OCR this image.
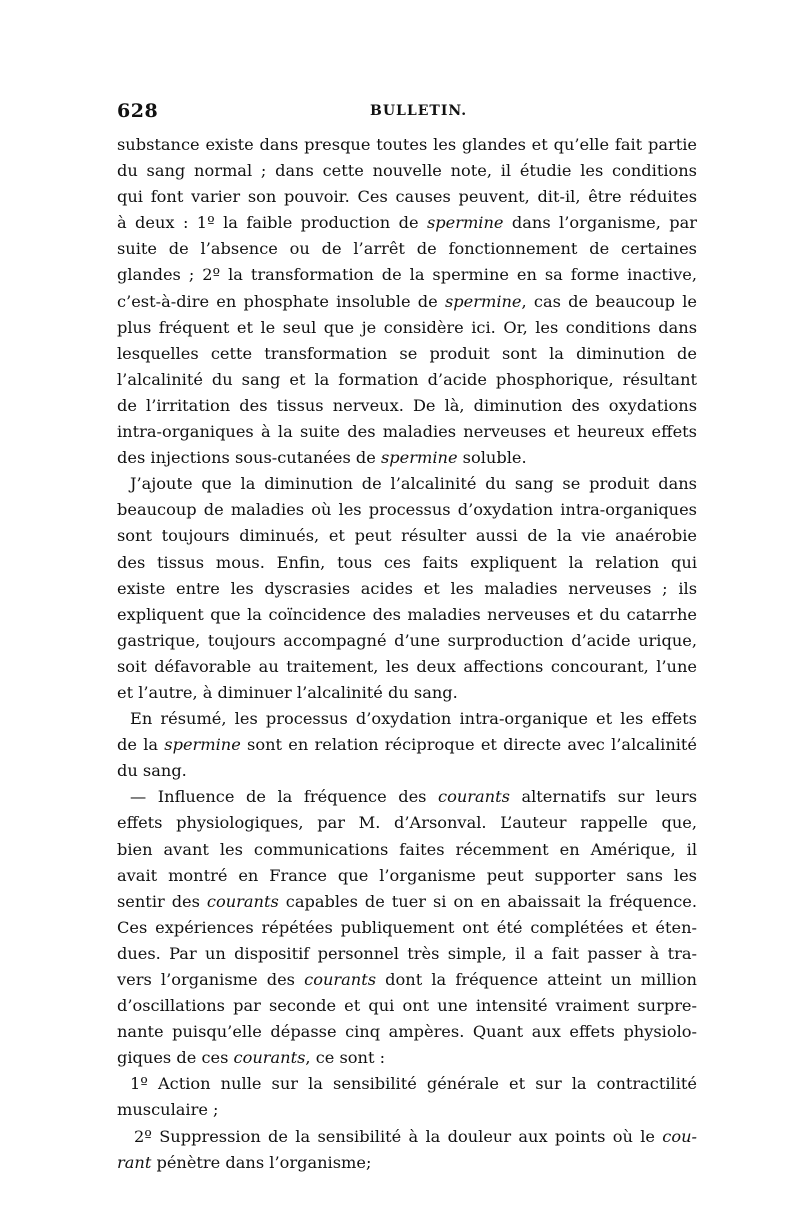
628	BULLETIN.
substance existe dans presque toutes les glandes et qu’elle fait partie
du sang normal ; dans cette nouvelle note, il étudie les conditions
qui font varier son pouvoir. Ces causes peuvent, dit-il, être réduites
à deux : 1º la faible production de spermine dans l’organisme, par
suite de l’absence ou de l’arrêt de fonctionnement de certaines
glandes ; 2º la transformation de la spermine en sa forme inactive,
c’est-à-dire en phosphate insoluble de spermine, cas de beaucoup le
plus fréquent et le seul que je considère ici. Or, les conditions dans
lesquelles cette transformation se produit sont la diminution de
l’alcalinité du sang et la formation d’acide phosphorique, résultant
de l’irritation des tissus nerveux. De là, diminution des oxydations
intra-organiques à la suite des maladies nerveuses et heureux effets
des injections sous-cutanées de spermine soluble.
J’ajoute que la diminution de l’alcalinité du sang se produit dans
beaucoup de maladies où les processus d’oxydation intra-organiques
sont toujours diminués, et peut résulter aussi de la vie anaérobie
des tissus mous. Enfin, tous ces faits expliquent la relation qui
existe entre les dyscrasies acides et les maladies nerveuses ; ils
expliquent que la coïncidence des maladies nerveuses et du catarrhe
gastrique, toujours accompagné d’une surproduction d’acide urique,
soit défavorable au traitement, les deux affections concourant, l’une
et l’autre, à diminuer l’alcalinité du sang.
En résumé, les processus d’oxydation intra-organique et les effets
de la spermine sont en relation réciproque et directe avec l’alcalinité
du sang.
— Influence de la fréquence des courants alternatifs sur leurs
effets physiologiques, par M. d’Arsonval. L’auteur rappelle que,
bien avant les communications faites récemment en Amérique, il
avait montré en France que l’organisme peut supporter sans les
sentir des courants capables de tuer si on en abaissait la fréquence.
Ces expériences répétées publiquement ont été complétées et éten-
dues. Par un dispositif personnel très simple, il a fait passer à tra-
vers l’organisme des courants dont la fréquence atteint un million
d’oscillations par seconde et qui ont une intensité vraiment surpre-
nante puisqu’elle dépasse cinq ampères. Quant aux effets physiolo-
giques de ces courants, ce sont :
1º Action nulle sur la sensibilité générale et sur la contractilité
musculaire ;
2º Suppression de la sensibilité à la douleur aux points où le cou-
rant pénètre dans l’organisme;
